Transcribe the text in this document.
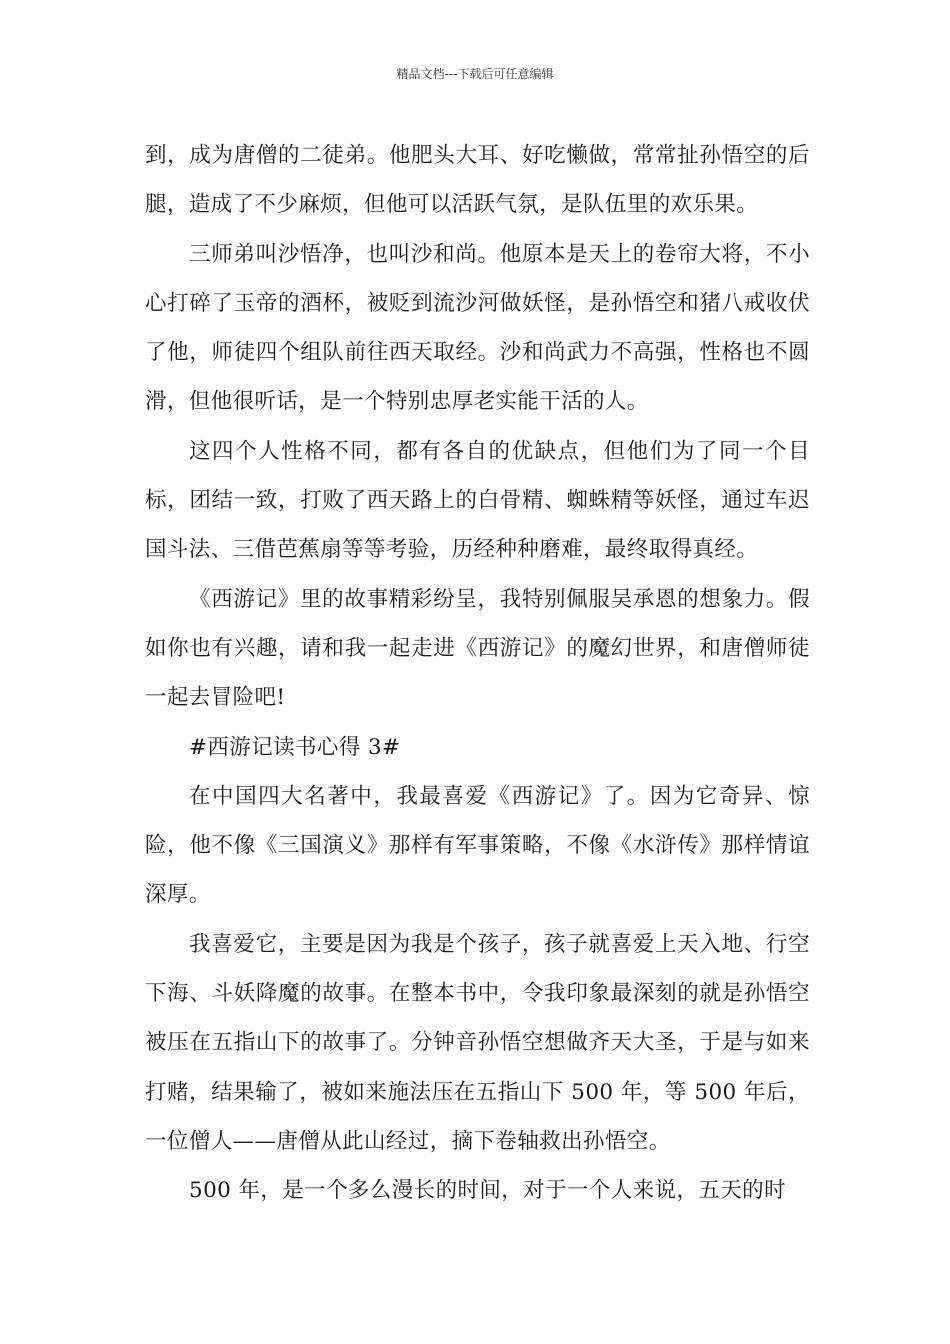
精品文档---下载后可任意编辑

到，成为唐僧的二徒弟。他肥头大耳、好吃懒做，常常扯孙悟空的后腿，造成了不少麻烦，但他可以活跃气氛，是队伍里的欢乐果。

三师弟叫沙悟净，也叫沙和尚。他原本是天上的卷帘大将，不小心打碎了玉帝的酒杯，被贬到流沙河做妖怪，是孙悟空和猪八戒收伏了他，师徒四个组队前往西天取经。沙和尚武力不高强，性格也不圆滑，但他很听话，是一个特别忠厚老实能干活的人。

这四个人性格不同，都有各自的优缺点，但他们为了同一个目标，团结一致，打败了西天路上的白骨精、蜘蛛精等妖怪，通过车迟国斗法、三借芭蕉扇等等考验，历经种种磨难，最终取得真经。

《西游记》里的故事精彩纷呈，我特别佩服吴承恩的想象力。假如你也有兴趣，请和我一起走进《西游记》的魔幻世界，和唐僧师徒一起去冒险吧!

#西游记读书心得 3#

在中国四大名著中，我最喜爱《西游记》了。因为它奇异、惊险，他不像《三国演义》那样有军事策略，不像《水浒传》那样情谊深厚。

我喜爱它，主要是因为我是个孩子，孩子就喜爱上天入地、行空下海、斗妖降魔的故事。在整本书中，令我印象最深刻的就是孙悟空被压在五指山下的故事了。分钟音孙悟空想做齐天大圣，于是与如来打赌，结果输了，被如来施法压在五指山下 500 年，等 500 年后，一位僧人——唐僧从此山经过，摘下卷轴救出孙悟空。

500 年，是一个多么漫长的时间，对于一个人来说，五天的时
